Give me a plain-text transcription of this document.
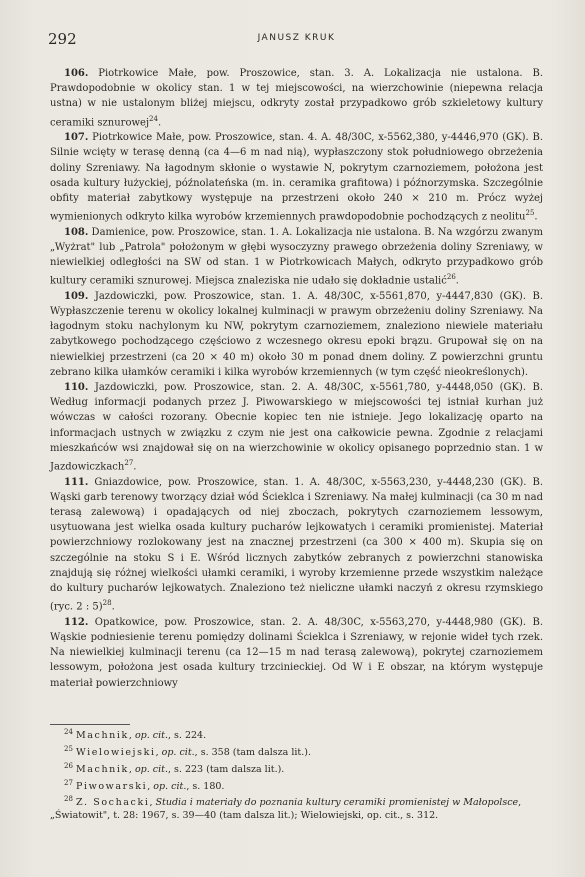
292	JANUSZ KRUK

106. Piotrkowice Małe, pow. Proszowice, stan. 3. A. Lokalizacja nie ustalona. B. Prawdopodobnie w okolicy stan. 1 w tej miejscowości, na wierzchowinie (niepewna relacja ustna) w nie ustalonym bliżej miejscu, odkryty został przypadkowo grób szkieletowy kultury ceramiki sznurowej$^{24}$.

107. Piotrkowice Małe, pow. Proszowice, stan. 4. A. 48/30C, x-5562,380, y-4446,970 (GK). B. Silnie wcięty w terasę denną (ca 4—6 m nad nią), wypłaszczony stok południowego obrzeżenia doliny Szreniawy. Na łagodnym skłonie o wystawie N, pokrytym czarnoziemem, położona jest osada kultury łużyckiej, późnolateńska (m. in. ceramika grafitowa) i późnorzymska. Szczególnie obfity materiał zabytkowy występuje na przestrzeni około 240 × 210 m. Prócz wyżej wymienionych odkryto kilka wyrobów krzemiennych prawdopodobnie pochodzących z neolitu$^{25}$.

108. Damienice, pow. Proszowice, stan. 1. A. Lokalizacja nie ustalona. B. Na wzgórzu zwanym „Wyżrat" lub „Patrola" położonym w głębi wysoczyzny prawego obrzeżenia doliny Szreniawy, w niewielkiej odległości na SW od stan. 1 w Piotrkowicach Małych, odkryto przypadkowo grób kultury ceramiki sznurowej. Miejsca znaleziska nie udało się dokładnie ustalić$^{26}$.

109. Jazdowiczki, pow. Proszowice, stan. 1. A. 48/30C, x-5561,870, y-4447,830 (GK). B. Wypłaszczenie terenu w okolicy lokalnej kulminacji w prawym obrzeżeniu doliny Szreniawy. Na łagodnym stoku nachylonym ku NW, pokrytym czarnoziemem, znaleziono niewiele materiału zabytkowego pochodzącego częściowo z wczesnego okresu epoki brązu. Grupował się on na niewielkiej przestrzeni (ca 20 × 40 m) około 30 m ponad dnem doliny. Z powierzchni gruntu zebrano kilka ułamków ceramiki i kilka wyrobów krzemiennych (w tym część nieokreślonych).

110. Jazdowiczki, pow. Proszowice, stan. 2. A. 48/30C, x-5561,780, y-4448,050 (GK). B. Według informacji podanych przez J. Piwowarskiego w miejscowości tej istniał kurhan już wówczas w całości rozorany. Obecnie kopiec ten nie istnieje. Jego lokalizację oparto na informacjach ustnych w związku z czym nie jest ona całkowicie pewna. Zgodnie z relacjami mieszkańców wsi znajdował się on na wierzchowinie w okolicy opisanego poprzednio stan. 1 w Jazdowiczkach$^{27}$.

111. Gniazdowice, pow. Proszowice, stan. 1. A. 48/30C, x-5563,230, y-4448,230 (GK). B. Wąski garb terenowy tworzący dział wód Ścieklca i Szreniawy. Na małej kulminacji (ca 30 m nad terasą zalewową) i opadających od niej zboczach, pokrytych czarnoziemem lessowym, usytuowana jest wielka osada kultury pucharów lejkowatych i ceramiki promienistej. Materiał powierzchniowy rozlokowany jest na znacznej przestrzeni (ca 300 × 400 m). Skupia się on szczególnie na stoku S i E. Wśród licznych zabytków zebranych z powierzchni stanowiska znajdują się różnej wielkości ułamki ceramiki, i wyroby krzemienne przede wszystkim należące do kultury pucharów lejkowatych. Znaleziono też nieliczne ułamki naczyń z okresu rzymskiego (ryc. 2 : 5)$^{28}$.

112. Opatkowice, pow. Proszowice, stan. 2. A. 48/30C, x-5563,270, y-4448,980 (GK). B. Wąskie podniesienie terenu pomiędzy dolinami Ścieklca i Szreniawy, w rejonie wideł tych rzek. Na niewielkiej kulminacji terenu (ca 12—15 m nad terasą zalewową), pokrytej czarnoziemem lessowym, położona jest osada kultury trzcinieckiej. Od W i E obszar, na którym występuje materiał powierzchniowy

$^{24}$ Machnik, op. cit., s. 224.

$^{25}$ Wielowiejski, op. cit., s. 358 (tam dalsza lit.).

$^{26}$ Machnik, op. cit., s. 223 (tam dalsza lit.).

$^{27}$ Piwowarski, op. cit., s. 180.

$^{28}$ Z. Sochacki, Studia i materiały do poznania kultury ceramiki promienistej w Małopolsce, „Światowit", t. 28: 1967, s. 39—40 (tam dalsza lit.); Wielowiejski, op. cit., s. 312.
